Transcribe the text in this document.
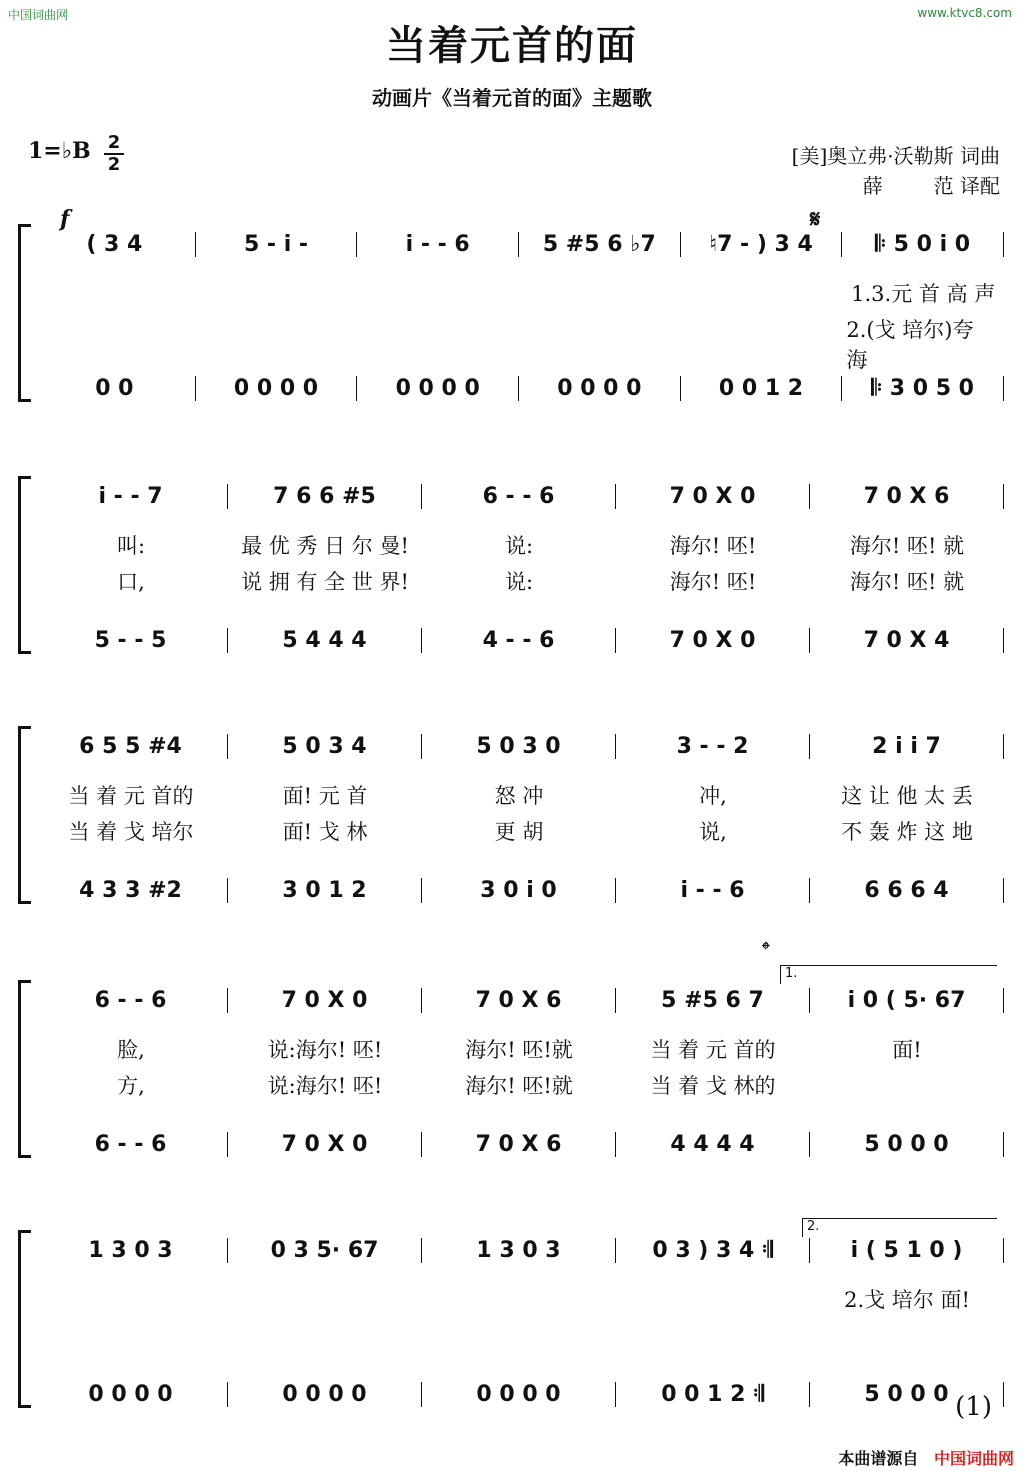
中国词曲网	www.ktvc8.com
当着元首的面
动画片《当着元首的面》主题歌
1=♭B 2
2	[美]奥立弗·沃勒斯 词曲
薛        范 译配
f	𝄋
𝄌
1.
2.
( 3 4	5 - i -	i - - 6	5 #5 6 ♭7	♮7 - ) 3 4	𝄆 5 0 i 0
1.3.元 首 高 声
2.(戈 培尔)夸 海
0 0	0 0 0 0	0 0 0 0	0 0 0 0	0 0 1 2	𝄆 3 0 5 0
i - - 7	7 6 6 #5	6 - - 6	7 0 X 0	7 0 X 6
叫:	最 优 秀 日 尔 曼!	说:	海尔! 呸!	海尔! 呸! 就
口,	说 拥 有 全 世 界!	说:	海尔! 呸!	海尔! 呸! 就
5 - - 5	5 4 4 4	4 - - 6	7 0 X 0	7 0 X 4
6 5 5 #4	5 0 3 4	5 0 3 0	3 - - 2	2 i i 7
当 着 元 首的	面! 元 首	怒 冲	冲,	这 让 他 太 丢
当 着 戈 培尔	面! 戈 林	更 胡	说,	不 轰 炸 这 地
4 3 3 #2	3 0 1 2	3 0 i 0	i - - 6	6 6 6 4
6 - - 6	7 0 X 0	7 0 X 6	5 #5 6 7	i 0 ( 5· 67
脸,	说:海尔! 呸!	海尔! 呸!就	当 着 元 首的	面!
方,	说:海尔! 呸!	海尔! 呸!就	当 着 戈 林的
6 - - 6	7 0 X 0	7 0 X 6	4 4 4 4	5 0 0 0
1 3 0 3	0 3 5· 67	1 3 0 3	0 3 ) 3 4 𝄇	i ( 5 1 0 )
2.戈 培尔 面!
0 0 0 0	0 0 0 0	0 0 0 0	0 0 1 2 𝄇	5 0 0 0 (1)
本曲谱源自 中国词曲网
